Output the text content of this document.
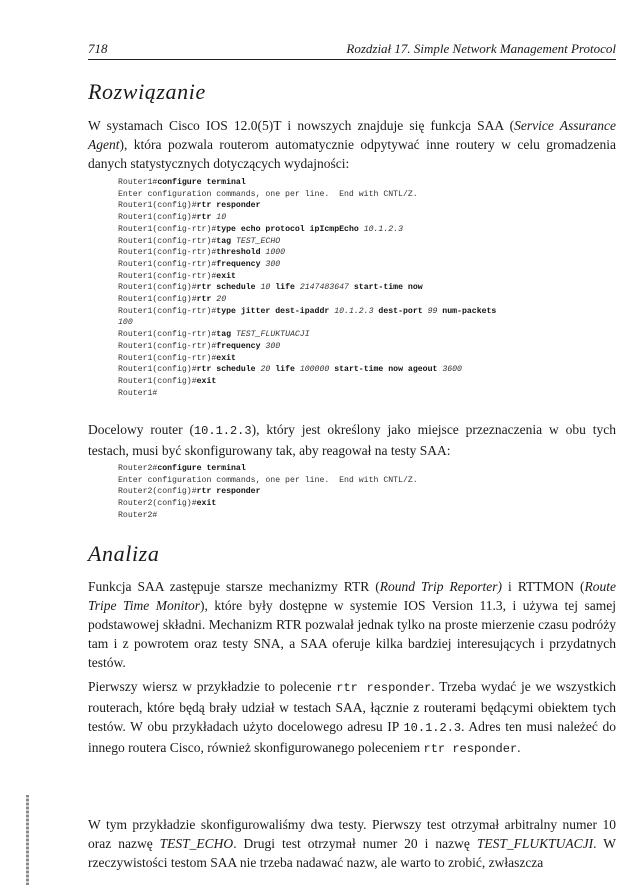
718	Rozdział 17. Simple Network Management Protocol
Rozwiązanie

W systamach Cisco IOS 12.0(5)T i nowszych znajduje się funkcja SAA (Service Assurance Agent), która pozwala routerom automatycznie odpytywać inne routery w celu gromadzenia danych statystycznych dotyczących wydajności:

Router1#configure terminal
Enter configuration commands, one per line.  End with CNTL/Z.
Router1(config)#rtr responder
Router1(config)#rtr 10
Router1(config-rtr)#type echo protocol ipIcmpEcho 10.1.2.3
Router1(config-rtr)#tag TEST_ECHO
Router1(config-rtr)#threshold 1000
Router1(config-rtr)#frequency 300
Router1(config-rtr)#exit
Router1(config)#rtr schedule 10 life 2147483647 start-time now
Router1(config)#rtr 20
Router1(config-rtr)#type jitter dest-ipaddr 10.1.2.3 dest-port 99 num-packets
100
Router1(config-rtr)#tag TEST_FLUKTUACJI
Router1(config-rtr)#frequency 300
Router1(config-rtr)#exit
Router1(config)#rtr schedule 20 life 100000 start-time now ageout 3600
Router1(config)#exit
Router1#

Docelowy router (10.1.2.3), który jest określony jako miejsce przeznaczenia w obu tych testach, musi być skonfigurowany tak, aby reagował na testy SAA:

Router2#configure terminal
Enter configuration commands, one per line.  End with CNTL/Z.
Router2(config)#rtr responder
Router2(config)#exit
Router2#
Analiza

Funkcja SAA zastępuje starsze mechanizmy RTR (Round Trip Reporter) i RTTMON (Route Tripe Time Monitor), które były dostępne w systemie IOS Version 11.3, i używa tej samej podstawowej składni. Mechanizm RTR pozwalał jednak tylko na proste mierzenie czasu podróży tam i z powrotem oraz testy SNA, a SAA oferuje kilka bardziej interesujących i przydatnych testów.

Pierwszy wiersz w przykładzie to polecenie rtr responder. Trzeba wydać je we wszystkich routerach, które będą brały udział w testach SAA, łącznie z routerami będącymi obiektem tych testów. W obu przykładach użyto docelowego adresu IP 10.1.2.3. Adres ten musi należeć do innego routera Cisco, również skonfigurowanego poleceniem rtr responder.

W tym przykładzie skonfigurowaliśmy dwa testy. Pierwszy test otrzymał arbitralny numer 10 oraz nazwę TEST_ECHO. Drugi test otrzymał numer 20 i nazwę TEST_FLUKTUACJI. W rzeczywistości testom SAA nie trzeba nadawać nazw, ale warto to zrobić, zwłaszcza
